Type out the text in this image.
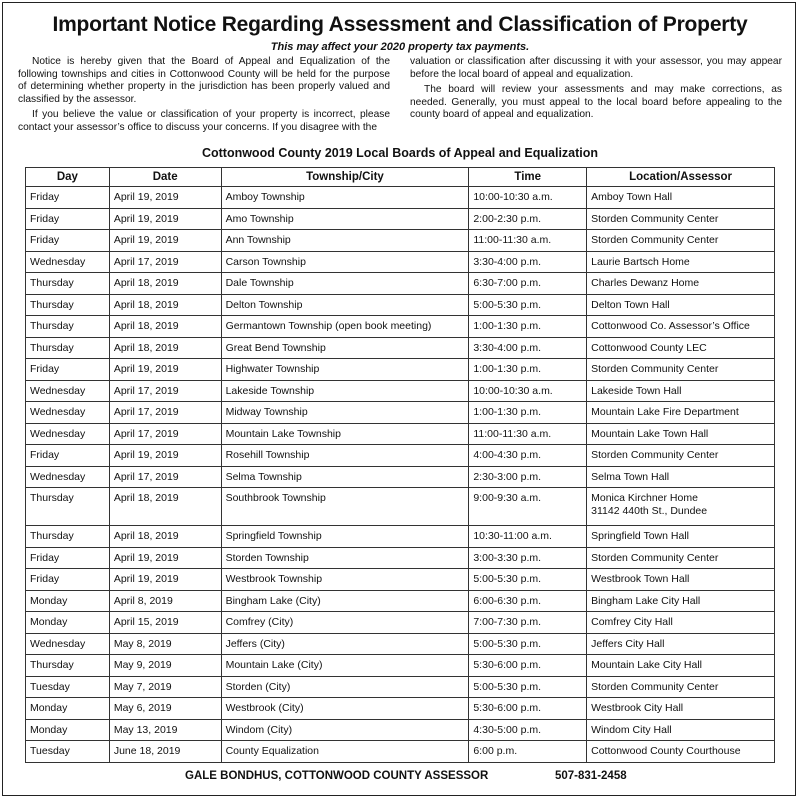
Important Notice Regarding Assessment and Classification of Property
This may affect your 2020 property tax payments.

Notice is hereby given that the Board of Appeal and Equalization of the following townships and cities in Cottonwood County will be held for the purpose of determining whether property in the jurisdiction has been properly valued and classified by the assessor.

If you believe the value or classification of your property is incorrect, please contact your assessor’s office to discuss your concerns. If you disagree with the

valuation or classification after discussing it with your assessor, you may appear before the local board of appeal and equalization.

The board will review your assessments and may make corrections, as needed. Generally, you must appeal to the local board before appealing to the county board of appeal and equalization.

Cottonwood County 2019 Local Boards of Appeal and Equalization
Day	Date	Township/City	Time	Location/Assessor
Friday	April 19, 2019	Amboy Township	10:00-10:30 a.m.	Amboy Town Hall
Friday	April 19, 2019	Amo Township	2:00-2:30 p.m.	Storden Community Center
Friday	April 19, 2019	Ann Township	11:00-11:30 a.m.	Storden Community Center
Wednesday	April 17, 2019	Carson Township	3:30-4:00 p.m.	Laurie Bartsch Home
Thursday	April 18, 2019	Dale Township	6:30-7:00 p.m.	Charles Dewanz Home
Thursday	April 18, 2019	Delton Township	5:00-5:30 p.m.	Delton Town Hall
Thursday	April 18, 2019	Germantown Township (open book meeting)	1:00-1:30 p.m.	Cottonwood Co. Assessor’s Office
Thursday	April 18, 2019	Great Bend Township	3:30-4:00 p.m.	Cottonwood County LEC
Friday	April 19, 2019	Highwater Township	1:00-1:30 p.m.	Storden Community Center
Wednesday	April 17, 2019	Lakeside Township	10:00-10:30 a.m.	Lakeside Town Hall
Wednesday	April 17, 2019	Midway Township	1:00-1:30 p.m.	Mountain Lake Fire Department
Wednesday	April 17, 2019	Mountain Lake Township	11:00-11:30 a.m.	Mountain Lake Town Hall
Friday	April 19, 2019	Rosehill Township	4:00-4:30 p.m.	Storden Community Center
Wednesday	April 17, 2019	Selma Township	2:30-3:00 p.m.	Selma Town Hall
Thursday	April 18, 2019	Southbrook Township	9:00-9:30 a.m.	Monica Kirchner Home
31142 440th St., Dundee

Thursday	April 18, 2019	Springfield Township	10:30-11:00 a.m.	Springfield Town Hall
Friday	April 19, 2019	Storden Township	3:00-3:30 p.m.	Storden Community Center
Friday	April 19, 2019	Westbrook Township	5:00-5:30 p.m.	Westbrook Town Hall
Monday	April 8, 2019	Bingham Lake (City)	6:00-6:30 p.m.	Bingham Lake City Hall
Monday	April 15, 2019	Comfrey (City)	7:00-7:30 p.m.	Comfrey City Hall
Wednesday	May 8, 2019	Jeffers (City)	5:00-5:30 p.m.	Jeffers City Hall
Thursday	May 9, 2019	Mountain Lake (City)	5:30-6:00 p.m.	Mountain Lake City Hall
Tuesday	May 7, 2019	Storden (City)	5:00-5:30 p.m.	Storden Community Center
Monday	May 6, 2019	Westbrook (City)	5:30-6:00 p.m.	Westbrook City Hall
Monday	May 13, 2019	Windom (City)	4:30-5:00 p.m.	Windom City Hall
Tuesday	June 18, 2019	County Equalization	6:00 p.m.	Cottonwood County Courthouse
GALE BONDHUS, COTTONWOOD COUNTY ASSESSOR	507-831-2458
